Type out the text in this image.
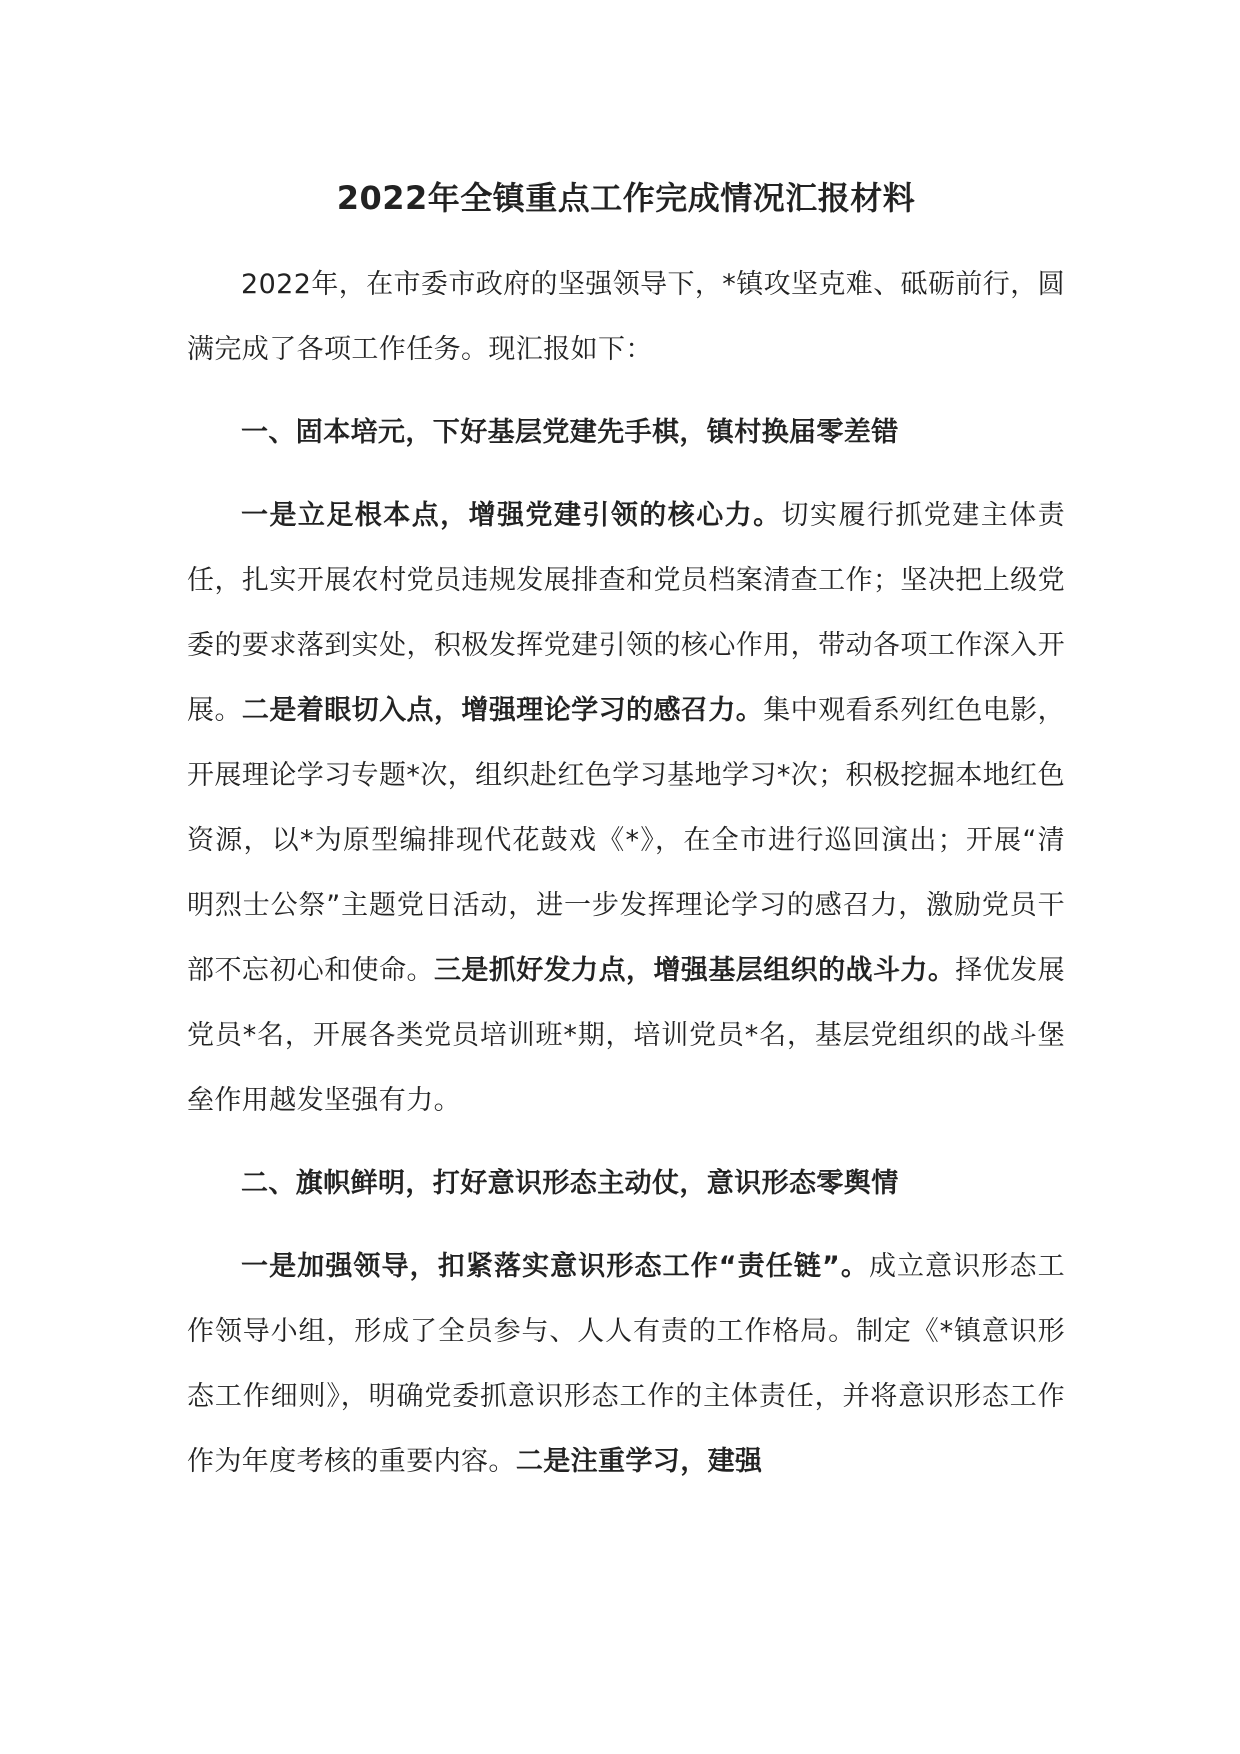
2022年全镇重点工作完成情况汇报材料

2022年，在市委市政府的坚强领导下，*镇攻坚克难、砥砺前行，圆满完成了各项工作任务。现汇报如下：

一、固本培元，下好基层党建先手棋，镇村换届零差错

一是立足根本点，增强党建引领的核心力。切实履行抓党建主体责任，扎实开展农村党员违规发展排查和党员档案清查工作；坚决把上级党委的要求落到实处，积极发挥党建引领的核心作用，带动各项工作深入开展。二是着眼切入点，增强理论学习的感召力。集中观看系列红色电影，开展理论学习专题*次，组织赴红色学习基地学习*次；积极挖掘本地红色资源，以*为原型编排现代花鼓戏《*》，在全市进行巡回演出；开展“清明烈士公祭”主题党日活动，进一步发挥理论学习的感召力，激励党员干部不忘初心和使命。三是抓好发力点，增强基层组织的战斗力。择优发展党员*名，开展各类党员培训班*期，培训党员*名，基层党组织的战斗堡垒作用越发坚强有力。

二、旗帜鲜明，打好意识形态主动仗，意识形态零舆情

一是加强领导，扣紧落实意识形态工作“责任链”。成立意识形态工作领导小组，形成了全员参与、人人有责的工作格局。制定《*镇意识形态工作细则》，明确党委抓意识形态工作的主体责任，并将意识形态工作作为年度考核的重要内容。二是注重学习，建强
